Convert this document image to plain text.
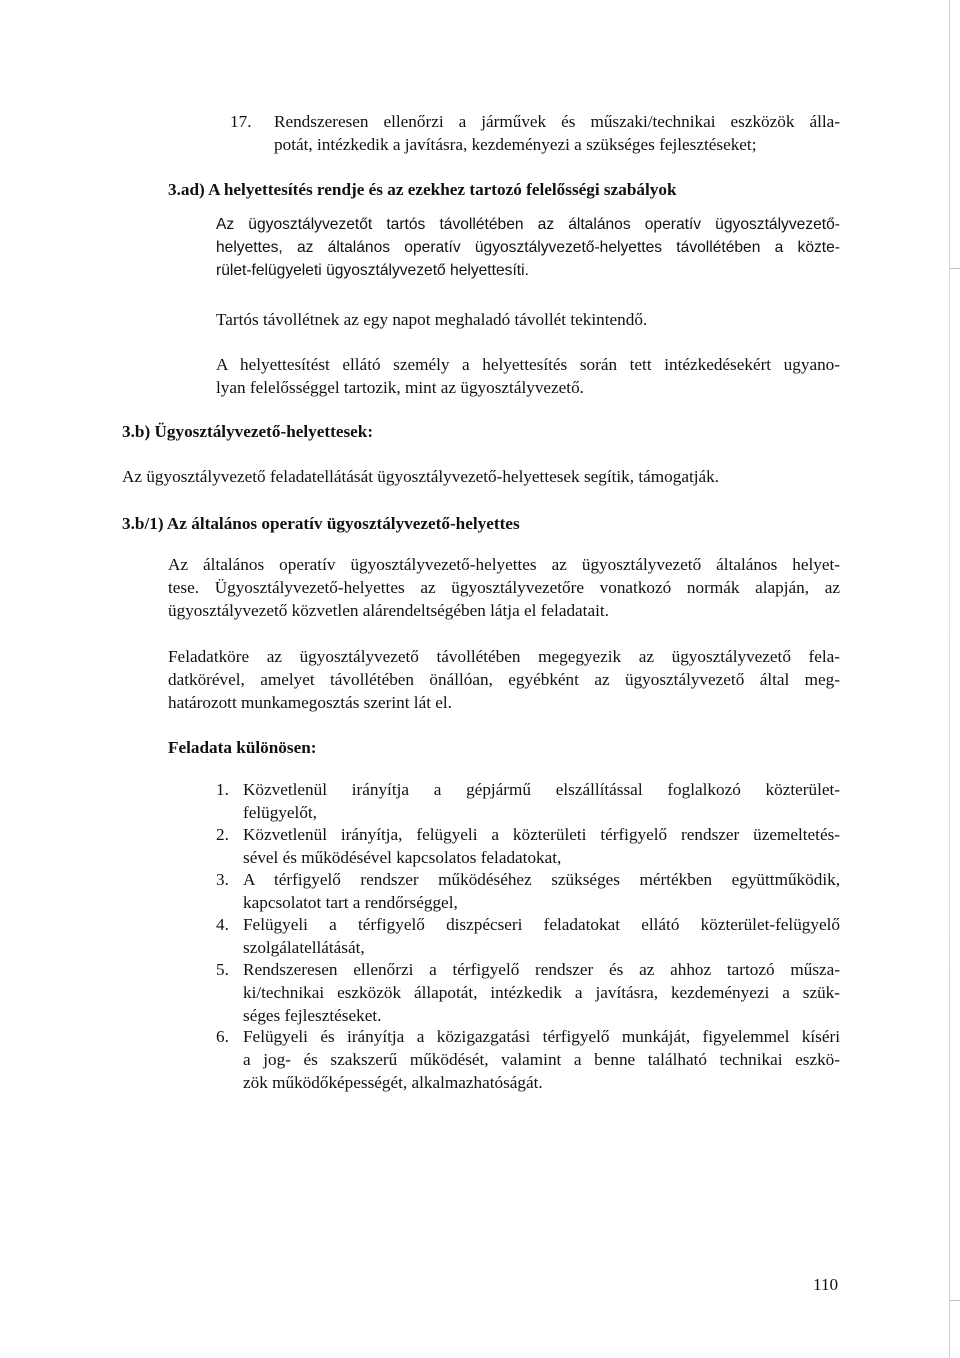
17. Rendszeresen ellenőrzi a járművek és műszaki/technikai eszközök álla-
potát, intézkedik a javításra, kezdeményezi a szükséges fejlesztéseket;
3.ad) A helyettesítés rendje és az ezekhez tartozó felelősségi szabályok
Az ügyosztályvezetőt tartós távollétében az általános operatív ügyosztályvezető-
helyettes, az általános operatív ügyosztályvezető-helyettes távollétében a közte-
rület-felügyeleti ügyosztályvezető helyettesíti.
Tartós távollétnek az egy napot meghaladó távollét tekintendő.
A helyettesítést ellátó személy a helyettesítés során tett intézkedésekért ugyano-
lyan felelősséggel tartozik, mint az ügyosztályvezető.
3.b) Ügyosztályvezető-helyettesek:
Az ügyosztályvezető feladatellátását ügyosztályvezető-helyettesek segítik, támogatják.
3.b/1) Az általános operatív ügyosztályvezető-helyettes
Az általános operatív ügyosztályvezető-helyettes az ügyosztályvezető általános helyet-
tese. Ügyosztályvezető-helyettes az ügyosztályvezetőre vonatkozó normák alapján, az
ügyosztályvezető közvetlen alárendeltségében látja el feladatait.
Feladatköre az ügyosztályvezető távollétében megegyezik az ügyosztályvezető fela-
datkörével, amelyet távollétében önállóan, egyébként az ügyosztályvezető által meg-
határozott munkamegosztás szerint lát el.
Feladata különösen:
1. Közvetlenül irányítja a gépjármű elszállítással foglalkozó közterület-
felügyelőt,
2. Közvetlenül irányítja, felügyeli a közterületi térfigyelő rendszer üzemeltetés-
sével és működésével kapcsolatos feladatokat,
3. A térfigyelő rendszer működéséhez szükséges mértékben együttműködik,
kapcsolatot tart a rendőrséggel,
4. Felügyeli a térfigyelő diszpécseri feladatokat ellátó közterület-felügyelő
szolgálatellátását,
5. Rendszeresen ellenőrzi a térfigyelő rendszer és az ahhoz tartozó műsza-
ki/technikai eszközök állapotát, intézkedik a javításra, kezdeményezi a szük-
séges fejlesztéseket.
6. Felügyeli és irányítja a közigazgatási térfigyelő munkáját, figyelemmel kíséri
a jog- és szakszerű működését, valamint a benne található technikai eszkö-
zök működőképességét, alkalmazhatóságát.
110
